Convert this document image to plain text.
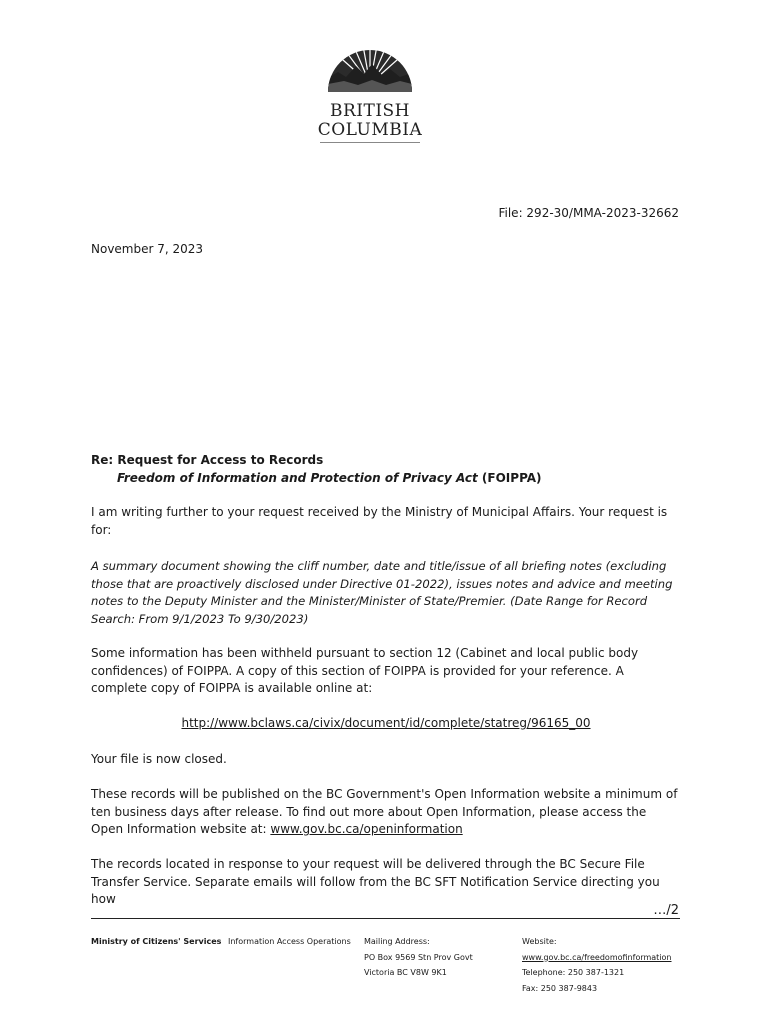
BRITISH
COLUMBIA
File: 292-30/MMA-2023-32662
November 7, 2023
Re: Request for Access to Records
Freedom of Information and Protection of Privacy Act (FOIPPA)
I am writing further to your request received by the Ministry of Municipal Affairs. Your request is for:
A summary document showing the cliff number, date and title/issue of all briefing notes (excluding those that are proactively disclosed under Directive 01-2022), issues notes and advice and meeting notes to the Deputy Minister and the Minister/Minister of State/Premier. (Date Range for Record Search: From 9/1/2023 To 9/30/2023)
Some information has been withheld pursuant to section 12 (Cabinet and local public body confidences) of FOIPPA. A copy of this section of FOIPPA is provided for your reference. A complete copy of FOIPPA is available online at:
http://www.bclaws.ca/civix/document/id/complete/statreg/96165_00
Your file is now closed.
These records will be published on the BC Government's Open Information website a minimum of ten business days after release. To find out more about Open Information, please access the Open Information website at: www.gov.bc.ca/openinformation
The records located in response to your request will be delivered through the BC Secure File Transfer Service. Separate emails will follow from the BC SFT Notification Service directing you how
…/2
Ministry of Citizens' Services Information Access Operations Mailing Address:
PO Box 9569 Stn Prov Govt
Victoria BC V8W 9K1
Website:
www.gov.bc.ca/freedomofinformation
Telephone: 250 387-1321
Fax: 250 387-9843
